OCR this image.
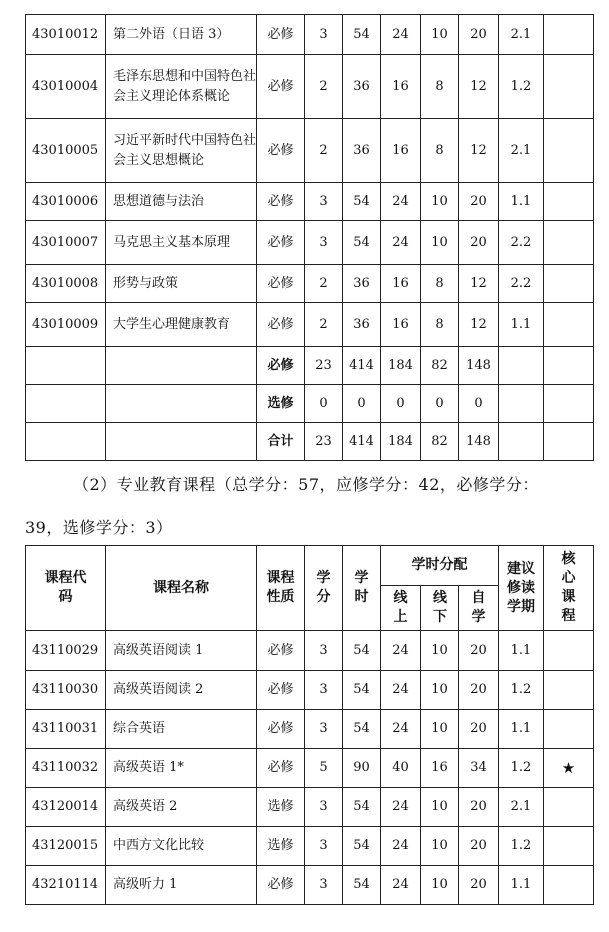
43010012	第二外语（日语 3）	必修	3	54	24	10	20	2.1	
43010004	毛泽东思想和中国特色社会主义理论体系概论	必修	2	36	16	8	12	1.2	
43010005	习近平新时代中国特色社会主义思想概论	必修	2	36	16	8	12	2.1	
43010006	思想道德与法治	必修	3	54	24	10	20	1.1	
43010007	马克思主义基本原理	必修	3	54	24	10	20	2.2	
43010008	形势与政策	必修	2	36	16	8	12	2.2	
43010009	大学生心理健康教育	必修	2	36	16	8	12	1.1	
		必修	23	414	184	82	148		
		选修	0	0	0	0	0		
		合计	23	414	184	82	148		
（2）专业教育课程（总学分：57，应修学分：42，必修学分：
39，选修学分：3）
课程代码	课程名称	课程性质	学分	学时	学时分配			建议修读学期	核心课程
					线上	线下	自学		
43110029	高级英语阅读 1	必修	3	54	24	10	20	1.1	
43110030	高级英语阅读 2	必修	3	54	24	10	20	1.2	
43110031	综合英语	必修	3	54	24	10	20	1.1	
43110032	高级英语 1*	必修	5	90	40	16	34	1.2	★
43120014	高级英语 2	选修	3	54	24	10	20	2.1	
43120015	中西方文化比较	选修	3	54	24	10	20	1.2	
43210114	高级听力 1	必修	3	54	24	10	20	1.1	
